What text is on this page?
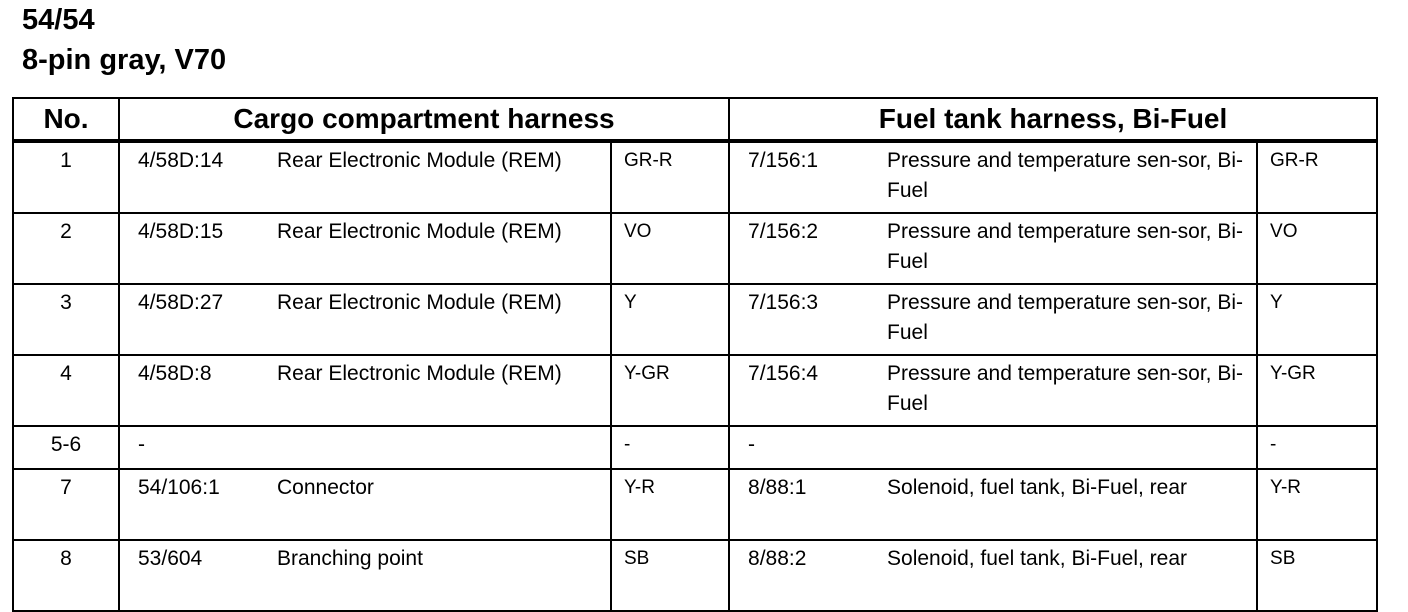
54/54
8-pin gray, V70
No.	Cargo compartment harness			Fuel tank harness, Bi-Fuel		
1	4/58D:14	Rear Electronic Module (REM)	GR-R	7/156:1	Pressure and temperature sen-sor, Bi-Fuel	GR-R
2	4/58D:15	Rear Electronic Module (REM)	VO	7/156:2	Pressure and temperature sen-sor, Bi-Fuel	VO
3	4/58D:27	Rear Electronic Module (REM)	Y	7/156:3	Pressure and temperature sen-sor, Bi-Fuel	Y
4	4/58D:8	Rear Electronic Module (REM)	Y-GR	7/156:4	Pressure and temperature sen-sor, Bi-Fuel	Y-GR
5-6	-		-	-		-
7	54/106:1	Connector	Y-R	8/88:1	Solenoid, fuel tank, Bi-Fuel, rear	Y-R
8	53/604	Branching point	SB	8/88:2	Solenoid, fuel tank, Bi-Fuel, rear	SB
